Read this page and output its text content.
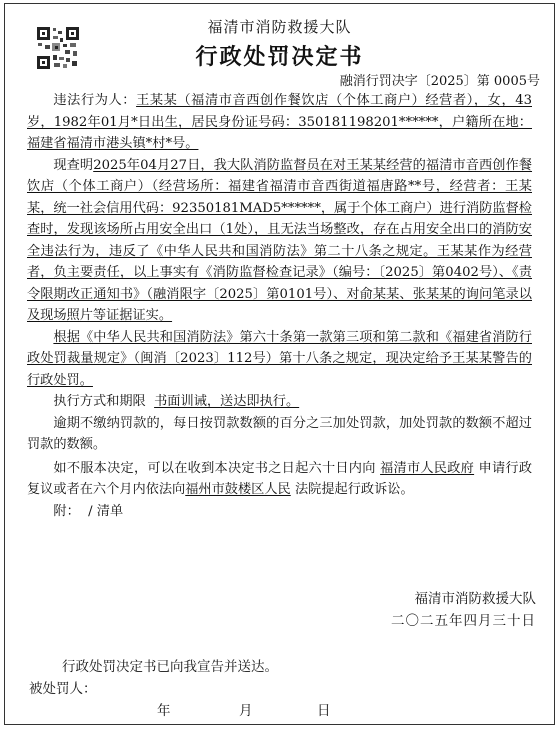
福清市消防救援大队
行政处罚决定书
融消行罚决字〔2025〕第 0005号

违法行为人：王某某（福清市音西创作餐饮店（个体工商户）经营者），女，43岁，1982年01月*日出生，居民身份证号码：350181198201******，户籍所在地：福建省福清市港头镇*村*号。

现查明2025年04月27日，我大队消防监督员在对王某某经营的福清市音西创作餐饮店（个体工商户）（经营场所：福建省福清市音西街道福唐路**号，经营者：王某某，统一社会信用代码：92350181MAD5******，属于个体工商户）进行消防监督检查时，发现该场所占用安全出口（1处），且无法当场整改，存在占用安全出口的消防安全违法行为，违反了《中华人民共和国消防法》第二十八条之规定。王某某作为经营者，负主要责任，以上事实有《消防监督检查记录》（编号：〔2025〕第0402号）、《责令限期改正通知书》（融消限字〔2025〕第0101号）、对俞某某、张某某的询问笔录以及现场照片等证据证实。

根据《中华人民共和国消防法》第六十条第一款第三项和第二款和《福建省消防行政处罚裁量规定》（闽消〔2023〕112号）第十八条之规定，现决定给予王某某警告的行政处罚。

执行方式和期限 书面训诫，送达即执行。

逾期不缴纳罚款的，每日按罚款数额的百分之三加处罚款，加处罚款的数额不超过罚款的数额。

如不服本决定，可以在收到本决定书之日起六十日内向 福清市人民政府 申请行政复议或者在六个月内依法向福州市鼓楼区人民 法院提起行政诉讼。

附： / 清单

福清市消防救援大队
二〇二五年四月三十日
行政处罚决定书已向我宣告并送达。
被处罚人：
年	月	日
